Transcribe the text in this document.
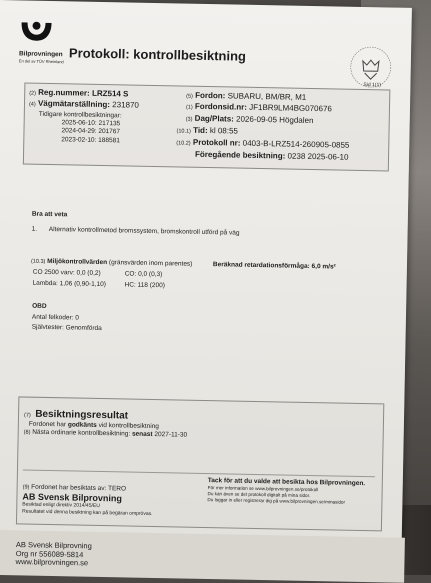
Bilprovningen
En del av TÜV Rheinland Protokoll: kontrollbesiktning
Sid 1(1)
(2) Reg.nummer: LRZ514 S
(4) Vägmätarställning: 231870
Tidigare kontrollbesiktningar:
2025-06-10: 217135
2024-04-29: 201767
2023-02-10: 188581
(5) Fordon: SUBARU, BM/BR, M1
(1) Fordonsid.nr: JF1BR9LM4BG070676
(3) Dag/Plats: 2026-09-05 Högdalen
(10.1) Tid: kl 08:55
(10.2) Protokoll nr: 0403-B-LRZ514-260905-0855
Föregående besiktning: 0238 2025-06-10
Bra att veta
1. Alternativ kontrollmetod bromssystem, bromskontroll utförd på väg
(10.3) Miljökontrollvärden (gränsvärden inom parentes)	Beräknad retardationsförmåga: 6,0 m/s²
CO 2500 varv: 0,0 (0,2)	CO: 0,0 (0,3)
Lambda: 1,06 (0,90-1,10)	HC: 118 (200)
OBD
Antal felkoder: 0
Självtester: Genomförda
(7) Besiktningsresultat
Fordonet har godkänts vid kontrollbesiktning
(8) Nästa ordinarie kontrollbesiktning: senast 2027-11-30
(9) Fordonet har besiktats av: TERO
AB Svensk Bilprovning
Besiktad enligt direktiv 2014/45/EU
Resultatet vid denna besiktning kan på begäran omprövas.
Tack för att du valde att besikta hos Bilprovningen.
För mer information se www.bilprovningen.se/protokoll
Du kan även se det protokoll digitalt på mina sidor.
Du loggar in eller registrerar dig på www.bilprovningen.se/minasidor
AB Svensk Bilprovning
Org nr 556089-5814
www.bilprovningen.se
